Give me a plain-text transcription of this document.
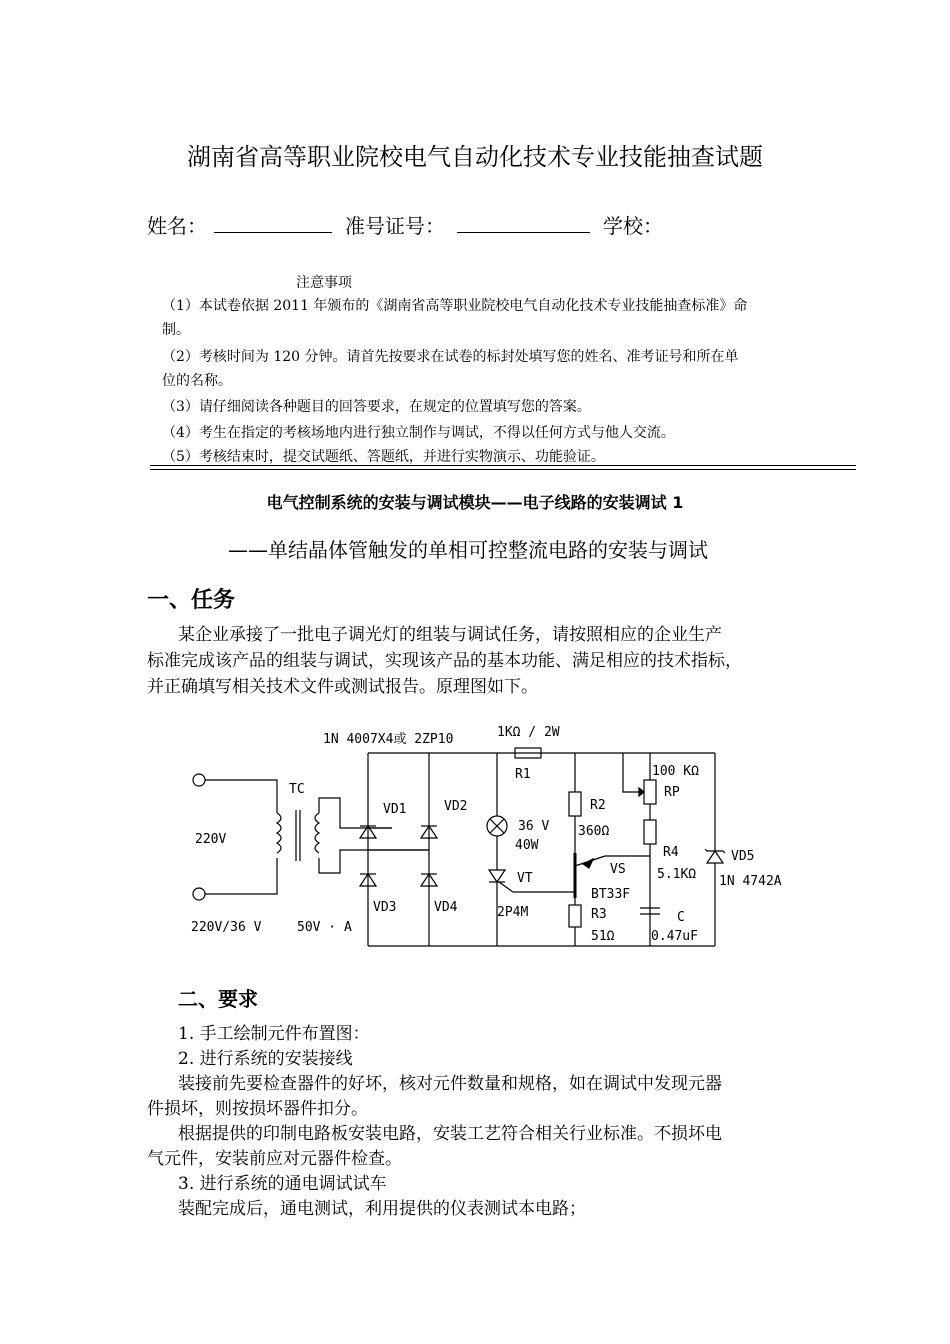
湖南省高等职业院校电气自动化技术专业技能抽查试题
姓名：	准号证号：	学校：
注意事项
（1）本试卷依据 2011 年颁布的《湖南省高等职业院校电气自动化技术专业技能抽查标准》命
制。
（2）考核时间为 120 分钟。请首先按要求在试卷的标封处填写您的姓名、准考证号和所在单
位的名称。
（3）请仔细阅读各种题目的回答要求，在规定的位置填写您的答案。
（4）考生在指定的考核场地内进行独立制作与调试，不得以任何方式与他人交流。
（5）考核结束时，提交试题纸、答题纸，并进行实物演示、功能验证。
电气控制系统的安装与调试模块——电子线路的安装调试 1
——单结晶体管触发的单相可控整流电路的安装与调试
一、任务
某企业承接了一批电子调光灯的组装与调试任务，请按照相应的企业生产
标准完成该产品的组装与调试，实现该产品的基本功能、满足相应的技术指标，
并正确填写相关技术文件或测试报告。原理图如下。
1N 4007X4或 2ZP10	1KΩ / 2W
R1
TC
220V
220V/36 V	50V · A
VD1	VD2
VD3	VD4
36 V
40W
VT
2P4M
R2
360Ω
VS
BT33F
R3
51Ω
100 KΩ
RP
R4
5.1KΩ
C
0.47uF
VD5
1N 4742A
二、要求
1. 手工绘制元件布置图：
2. 进行系统的安装接线
装接前先要检查器件的好坏，核对元件数量和规格，如在调试中发现元器
件损坏，则按损坏器件扣分。
根据提供的印制电路板安装电路，安装工艺符合相关行业标准。不损坏电
气元件，安装前应对元器件检查。
3. 进行系统的通电调试试车
装配完成后，通电测试，利用提供的仪表测试本电路；
